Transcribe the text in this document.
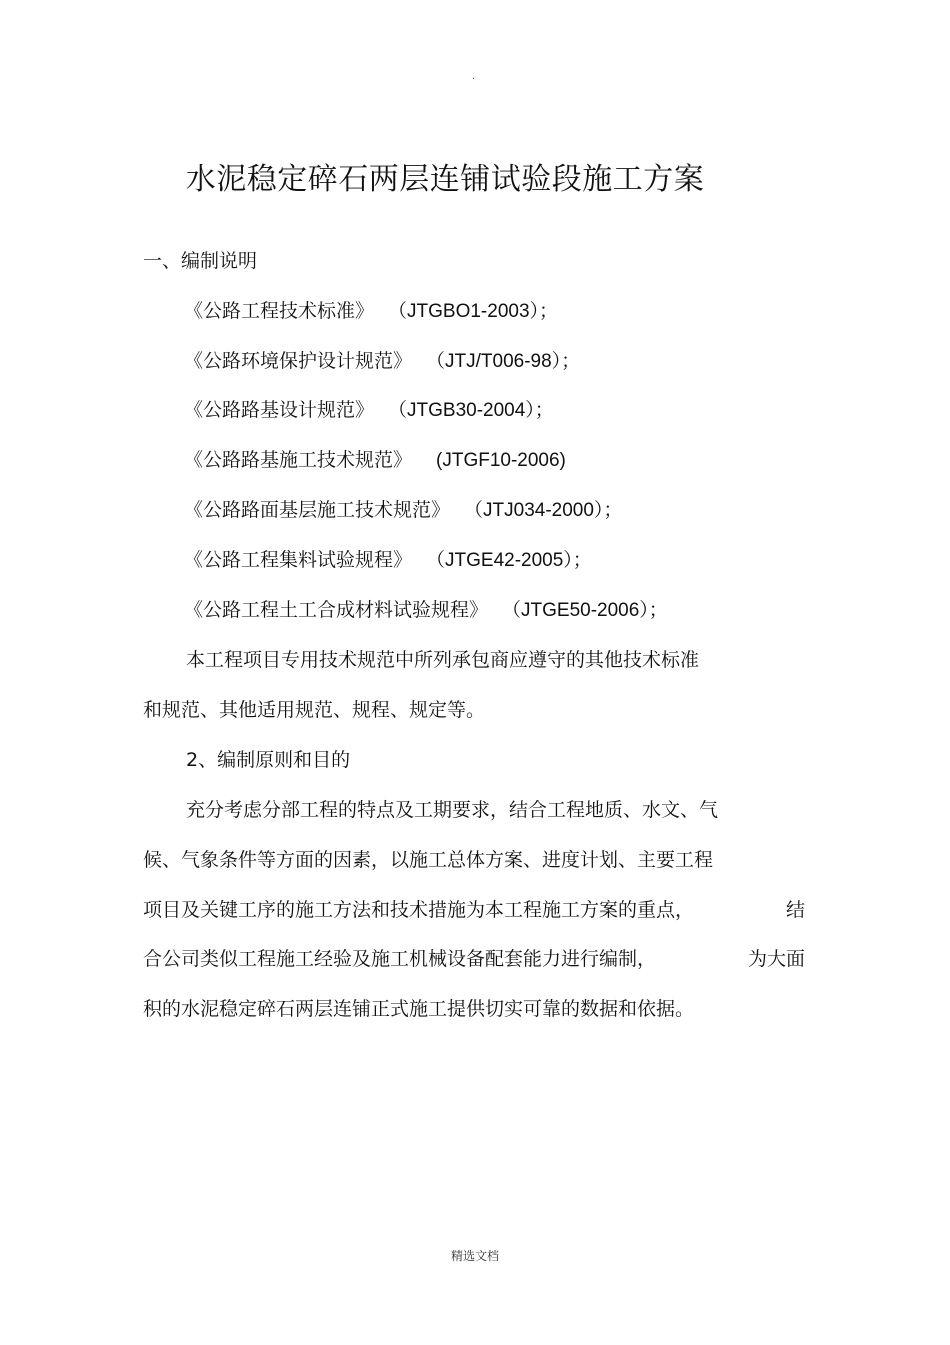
.
水泥稳定碎石两层连铺试验段施工方案
一、编制说明
《公路工程技术标准》 （JTGBO1-2003）；
《公路环境保护设计规范》 （JTJ/T006-98）；
《公路路基设计规范》 （JTGB30-2004）；
《公路路基施工技术规范》 (JTGF10-2006)
《公路路面基层施工技术规范》 （JTJ034-2000）；
《公路工程集料试验规程》 （JTGE42-2005）；
《公路工程土工合成材料试验规程》 （JTGE50-2006）；
本工程项目专用技术规范中所列承包商应遵守的其他技术标准
和规范、其他适用规范、规程、规定等。
2、编制原则和目的
充分考虑分部工程的特点及工期要求，结合工程地质、水文、气
候、气象条件等方面的因素，以施工总体方案、进度计划、主要工程
项目及关键工序的施工方法和技术措施为本工程施工方案的重点，	结
合公司类似工程施工经验及施工机械设备配套能力进行编制，	为大面
积的水泥稳定碎石两层连铺正式施工提供切实可靠的数据和依据。
精选文档
